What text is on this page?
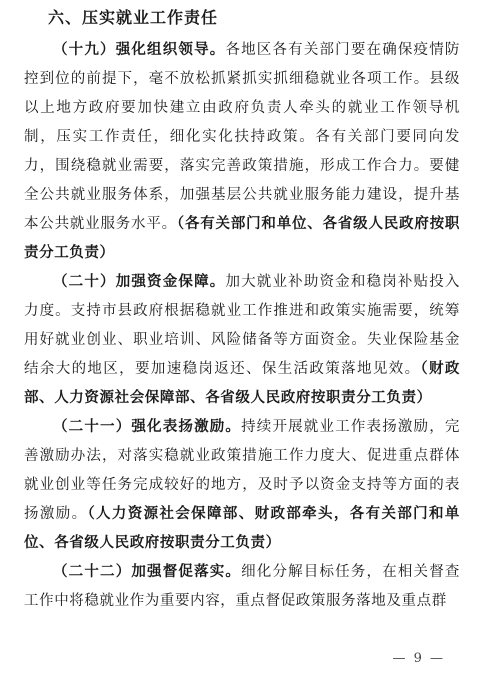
六、压实就业工作责任

（十九）强化组织领导。各地区各有关部门要在确保疫情防控到位的前提下，毫不放松抓紧抓实抓细稳就业各项工作。县级以上地方政府要加快建立由政府负责人牵头的就业工作领导机制，压实工作责任，细化实化扶持政策。各有关部门要同向发力，围绕稳就业需要，落实完善政策措施，形成工作合力。要健全公共就业服务体系，加强基层公共就业服务能力建设，提升基本公共就业服务水平。（各有关部门和单位、各省级人民政府按职责分工负责）

（二十）加强资金保障。加大就业补助资金和稳岗补贴投入力度。支持市县政府根据稳就业工作推进和政策实施需要，统筹用好就业创业、职业培训、风险储备等方面资金。失业保险基金结余大的地区，要加速稳岗返还、保生活政策落地见效。（财政部、人力资源社会保障部、各省级人民政府按职责分工负责）

（二十一）强化表扬激励。持续开展就业工作表扬激励，完善激励办法，对落实稳就业政策措施工作力度大、促进重点群体就业创业等任务完成较好的地方，及时予以资金支持等方面的表扬激励。（人力资源社会保障部、财政部牵头，各有关部门和单位、各省级人民政府按职责分工负责）

（二十二）加强督促落实。细化分解目标任务，在相关督查工作中将稳就业作为重要内容，重点督促政策服务落地及重点群

— 9 —
